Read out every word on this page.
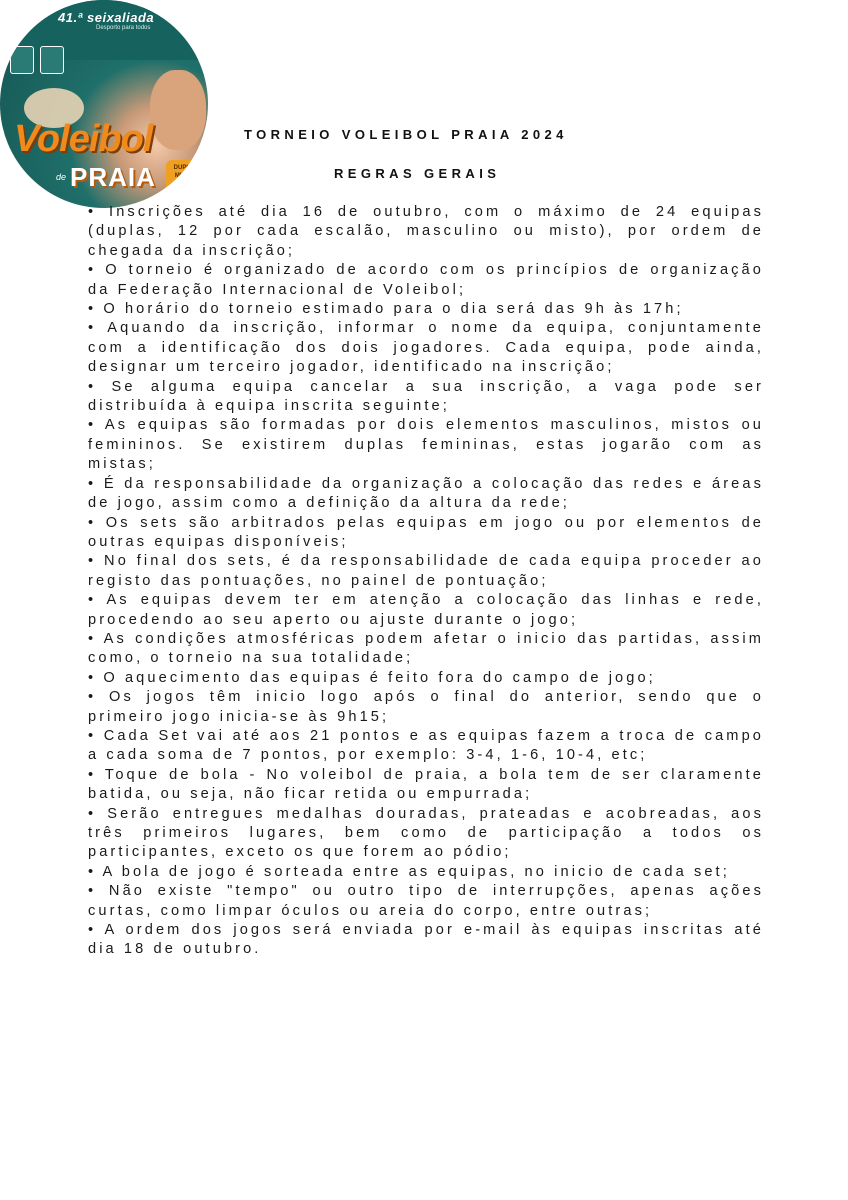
41.ª seixaliada
Desporto para todos
Voleibol
de PRAIA	DUPLAS MISTAS MASC
TORNEIO VOLEIBOL PRAIA 2024
REGRAS GERAIS

• Inscrições até dia 16 de outubro, com o máximo de 24 equipas (duplas, 12 por cada escalão, masculino ou misto), por ordem de chegada da inscrição;

• O torneio é organizado de acordo com os princípios de organização da Federação Internacional de Voleibol;

• O horário do torneio estimado para o dia será das 9h às 17h;

• Aquando da inscrição, informar o nome da equipa, conjuntamente com a identificação dos dois jogadores. Cada equipa, pode ainda, designar um terceiro jogador, identificado na inscrição;

• Se alguma equipa cancelar a sua inscrição, a vaga pode ser distribuída à equipa inscrita seguinte;

• As equipas são formadas por dois elementos masculinos, mistos ou femininos. Se existirem duplas femininas, estas jogarão com as mistas;

• É da responsabilidade da organização a colocação das redes e áreas de jogo, assim como a definição da altura da rede;

• Os sets são arbitrados pelas equipas em jogo ou por elementos de outras equipas disponíveis;

• No final dos sets, é da responsabilidade de cada equipa proceder ao registo das pontuações, no painel de pontuação;

• As equipas devem ter em atenção a colocação das linhas e rede, procedendo ao seu aperto ou ajuste durante o jogo;

• As condições atmosféricas podem afetar o inicio das partidas, assim como, o torneio na sua totalidade;

• O aquecimento das equipas é feito fora do campo de jogo;

• Os jogos têm inicio logo após o final do anterior, sendo que o primeiro jogo inicia-se às 9h15;

• Cada Set vai até aos 21 pontos e as equipas fazem a troca de campo a cada soma de 7 pontos, por exemplo: 3-4, 1-6, 10-4, etc;

• Toque de bola - No voleibol de praia, a bola tem de ser claramente batida, ou seja, não ficar retida ou empurrada;

• Serão entregues medalhas douradas, prateadas e acobreadas, aos três primeiros lugares, bem como de participação a todos os participantes, exceto os que forem ao pódio;

• A bola de jogo é sorteada entre as equipas, no inicio de cada set;

• Não existe "tempo" ou outro tipo de interrupções, apenas ações curtas, como limpar óculos ou areia do corpo, entre outras;

• A ordem dos jogos será enviada por e-mail às equipas inscritas até dia 18 de outubro.
